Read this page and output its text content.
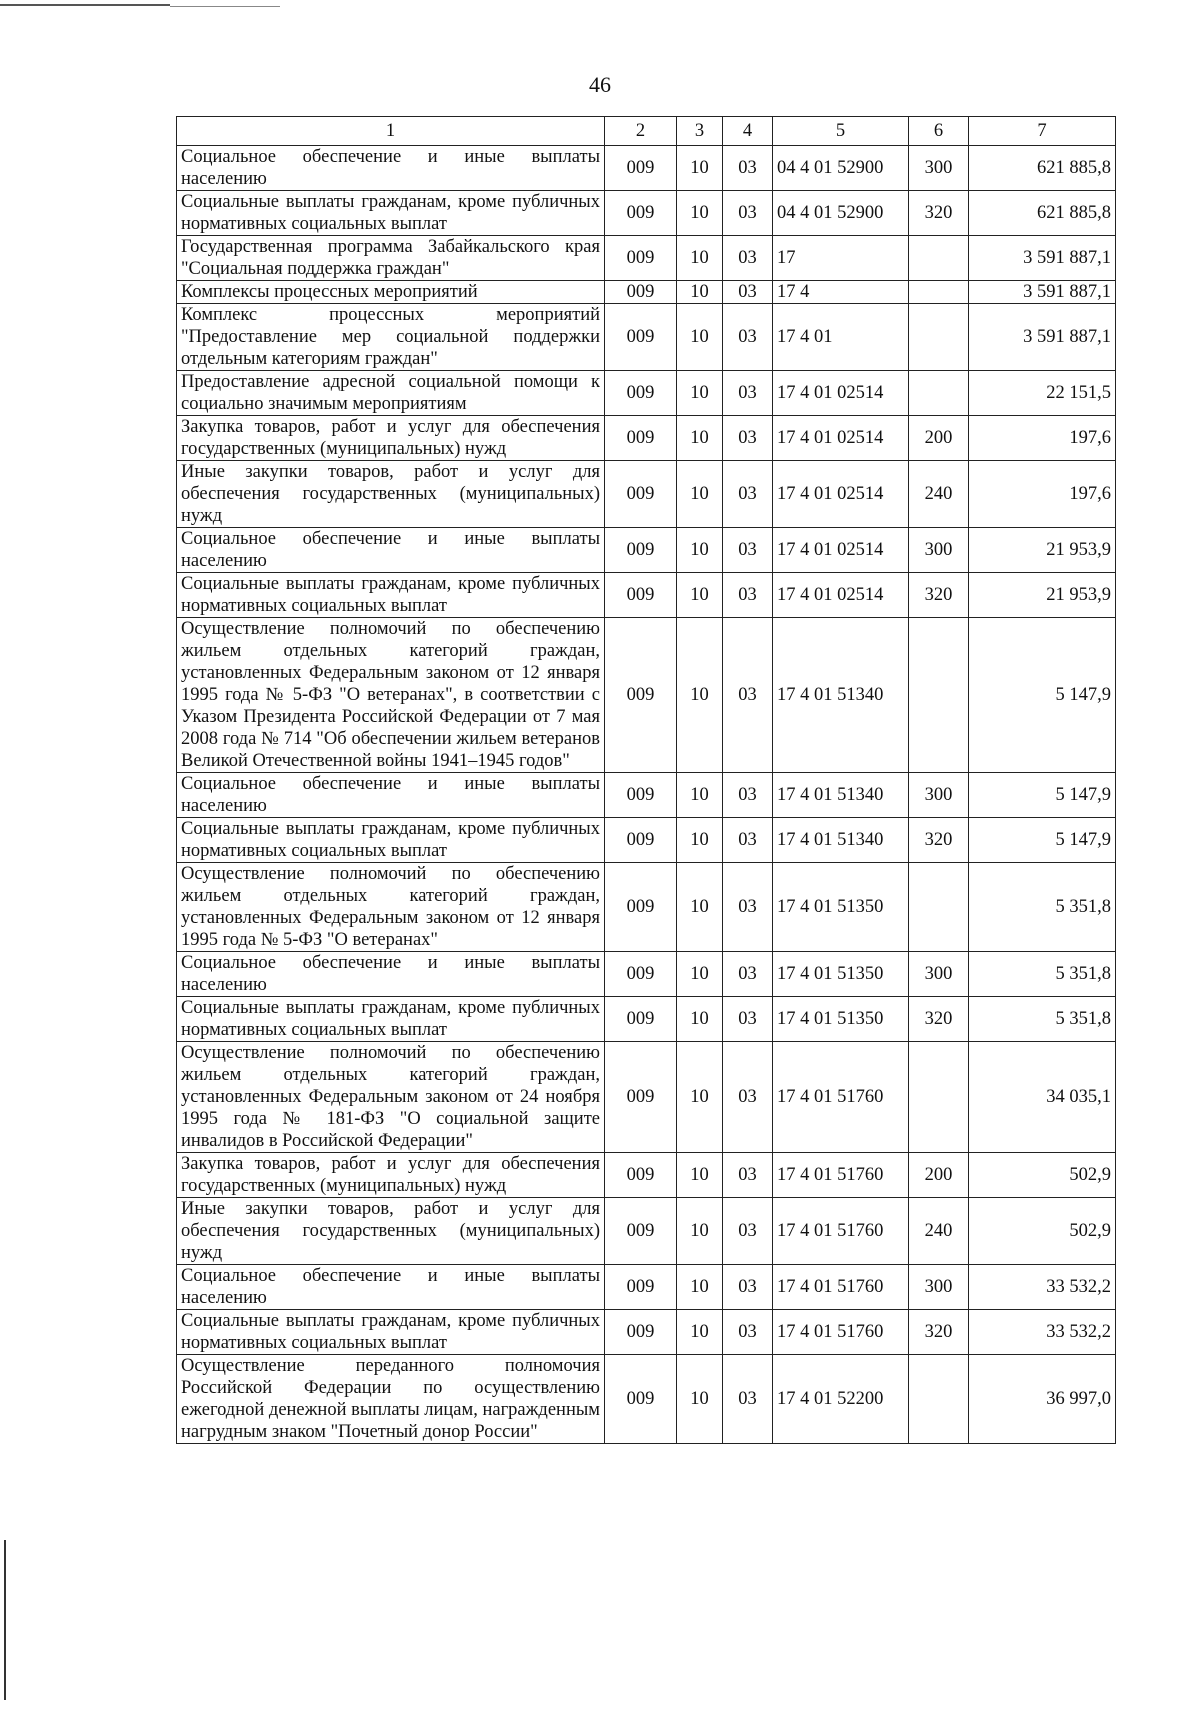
46
1	2	3	4	5	6	7
Социальное обеспечение и иные выплаты населению	009	10	03	04 4 01 52900	300	621 885,8
Социальные выплаты гражданам, кроме публичных нормативных социальных выплат	009	10	03	04 4 01 52900	320	621 885,8
Государственная программа Забайкальского края "Социальная поддержка граждан"	009	10	03	17		3 591 887,1
Комплексы процессных мероприятий	009	10	03	17 4		3 591 887,1
Комплекс процессных мероприятий "Предоставление мер социальной поддержки отдельным категориям граждан"	009	10	03	17 4 01		3 591 887,1
Предоставление адресной социальной помощи к социально значимым мероприятиям	009	10	03	17 4 01 02514		22 151,5
Закупка товаров, работ и услуг для обеспечения государственных (муниципальных) нужд	009	10	03	17 4 01 02514	200	197,6
Иные закупки товаров, работ и услуг для обеспечения государственных (муниципальных) нужд	009	10	03	17 4 01 02514	240	197,6
Социальное обеспечение и иные выплаты населению	009	10	03	17 4 01 02514	300	21 953,9
Социальные выплаты гражданам, кроме публичных нормативных социальных выплат	009	10	03	17 4 01 02514	320	21 953,9
Осуществление полномочий по обеспечению жильем отдельных категорий граждан, установленных Федеральным законом от 12 января 1995 года № 5-ФЗ "О ветеранах", в соответствии с Указом Президента Российской Федерации от 7 мая 2008 года № 714 "Об обеспечении жильем ветеранов Великой Отечественной войны 1941–1945 годов"	009	10	03	17 4 01 51340		5 147,9
Социальное обеспечение и иные выплаты населению	009	10	03	17 4 01 51340	300	5 147,9
Социальные выплаты гражданам, кроме публичных нормативных социальных выплат	009	10	03	17 4 01 51340	320	5 147,9
Осуществление полномочий по обеспечению жильем отдельных категорий граждан, установленных Федеральным законом от 12 января 1995 года № 5-ФЗ "О ветеранах"	009	10	03	17 4 01 51350		5 351,8
Социальное обеспечение и иные выплаты населению	009	10	03	17 4 01 51350	300	5 351,8
Социальные выплаты гражданам, кроме публичных нормативных социальных выплат	009	10	03	17 4 01 51350	320	5 351,8
Осуществление полномочий по обеспечению жильем отдельных категорий граждан, установленных Федеральным законом от 24 ноября 1995 года № 181-ФЗ "О социальной защите инвалидов в Российской Федерации"	009	10	03	17 4 01 51760		34 035,1
Закупка товаров, работ и услуг для обеспечения государственных (муниципальных) нужд	009	10	03	17 4 01 51760	200	502,9
Иные закупки товаров, работ и услуг для обеспечения государственных (муниципальных) нужд	009	10	03	17 4 01 51760	240	502,9
Социальное обеспечение и иные выплаты населению	009	10	03	17 4 01 51760	300	33 532,2
Социальные выплаты гражданам, кроме публичных нормативных социальных выплат	009	10	03	17 4 01 51760	320	33 532,2
Осуществление переданного полномочия Российской Федерации по осуществлению ежегодной денежной выплаты лицам, награжденным нагрудным знаком "Почетный донор России"	009	10	03	17 4 01 52200		36 997,0
